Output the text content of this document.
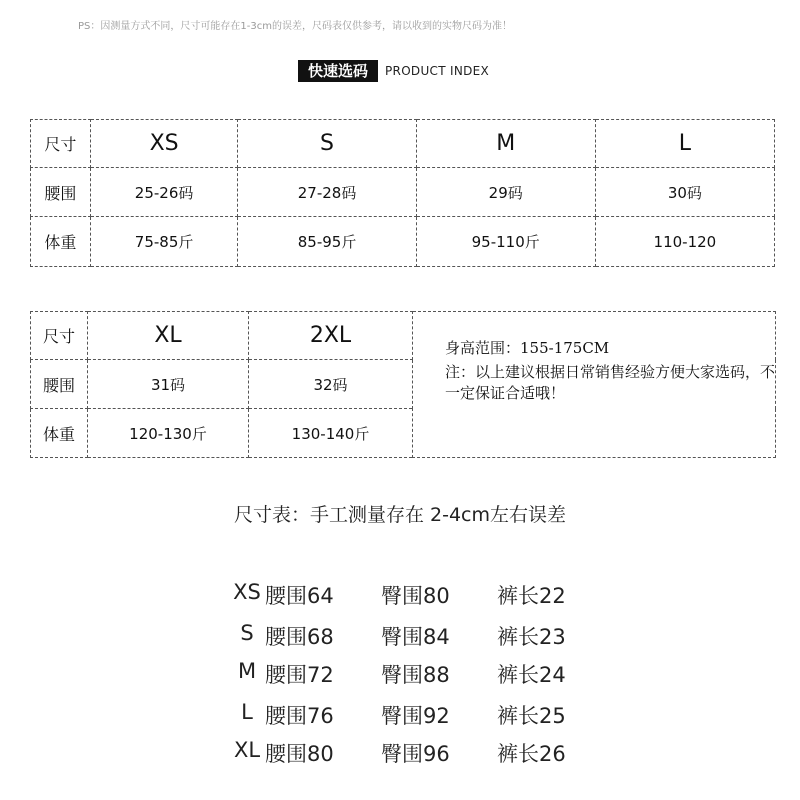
PS：因测量方式不同，尺寸可能存在1-3cm的误差，尺码表仅供参考，请以收到的实物尺码为准！
快速选码	PRODUCT INDEX
尺寸	XS	S	M	L
腰围	25-26码	27-28码	29码	30码
体重	75-85斤	85-95斤	95-110斤	110-120
尺寸	XL	2XL	身高范围：155-175CM
注：以上建议根据日常销售经验方便大家选码，不一定保证合适哦！

腰围	31码	32码	
体重	120-130斤	130-140斤	
尺寸表：手工测量存在 2-4cm左右误差
XS 腰围64 臀围80 裤长22
S 腰围68 臀围84 裤长23
M 腰围72 臀围88 裤长24
L 腰围76 臀围92 裤长25
XL 腰围80 臀围96 裤长26
